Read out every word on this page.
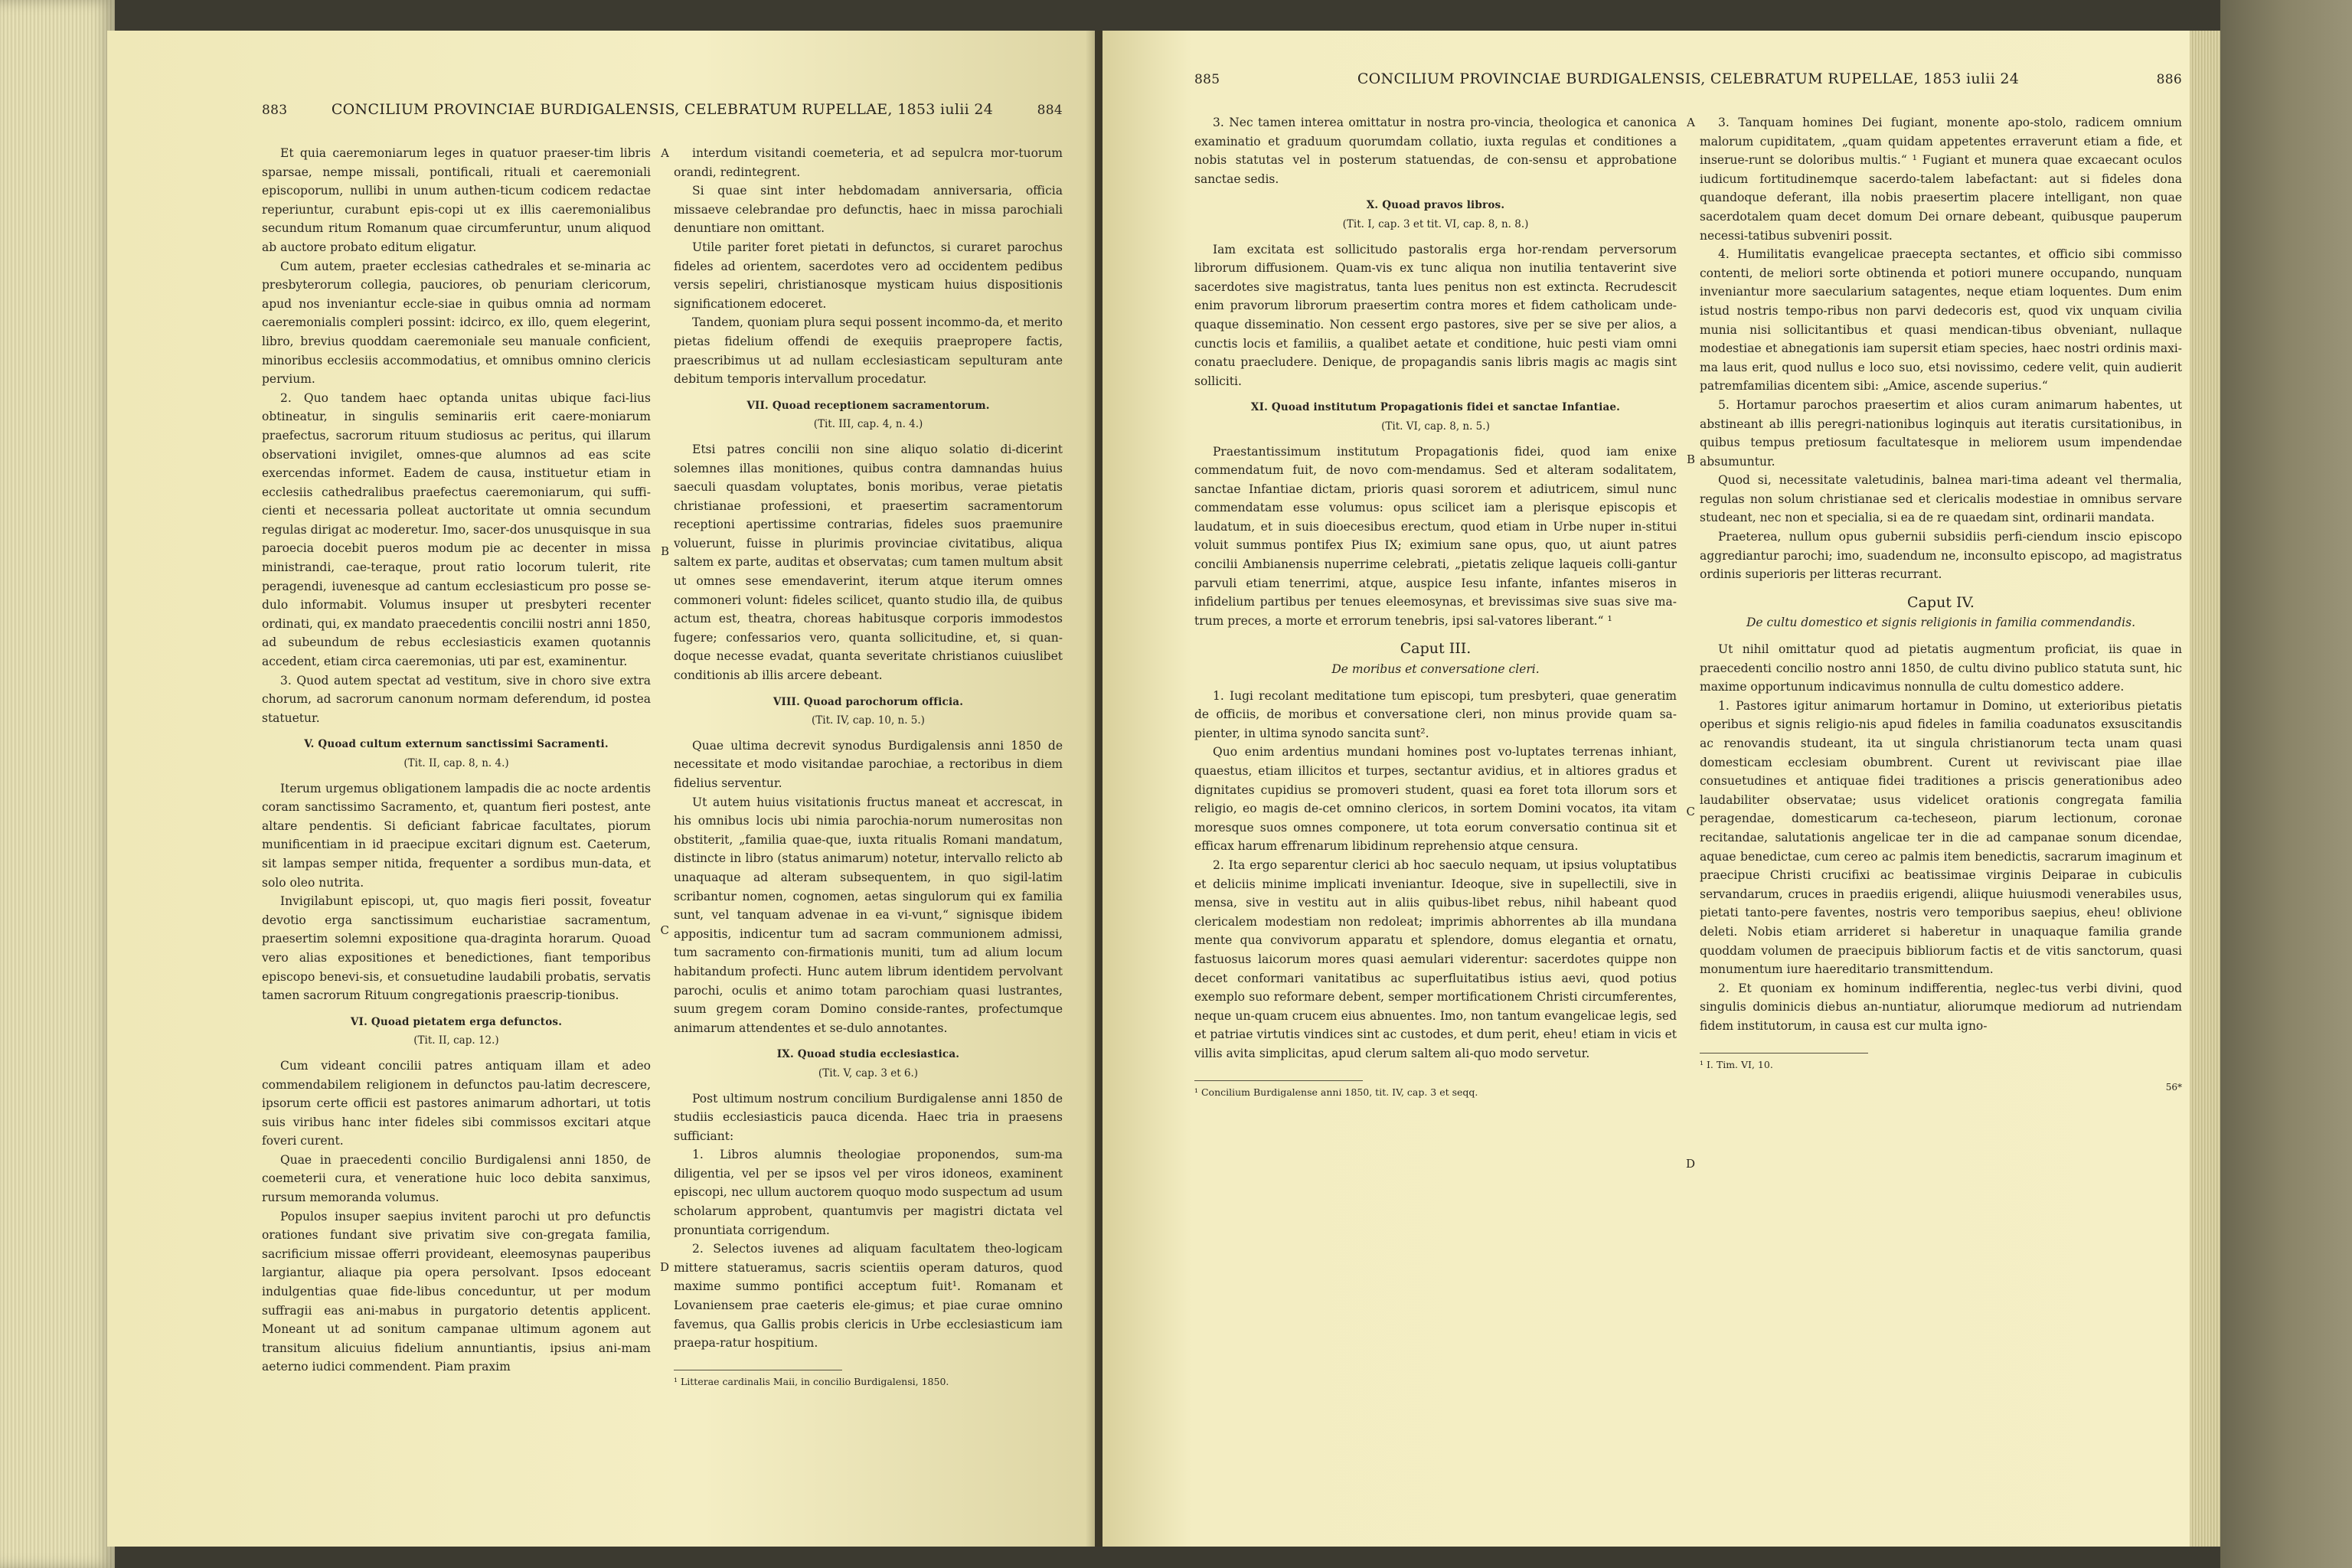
883	CONCILIUM PROVINCIAE BURDIGALENSIS, CELEBRATUM RUPELLAE, 1853 iulii 24	884

Et quia caeremoniarum leges in quatuor praeser-tim libris sparsae, nempe missali, pontificali, rituali et caeremoniali episcoporum, nullibi in unum authen-ticum codicem redactae reperiuntur, curabunt epis-copi ut ex illis caeremonialibus secundum ritum Romanum quae circumferuntur, unum aliquod ab auctore probato editum eligatur.

Cum autem, praeter ecclesias cathedrales et se-minaria ac presbyterorum collegia, pauciores, ob penuriam clericorum, apud nos inveniantur eccle-siae in quibus omnia ad normam caeremonialis compleri possint: idcirco, ex illo, quem elegerint, libro, brevius quoddam caeremoniale seu manuale conficient, minoribus ecclesiis accommodatius, et omnibus omnino clericis pervium.

2. Quo tandem haec optanda unitas ubique faci-lius obtineatur, in singulis seminariis erit caere-moniarum praefectus, sacrorum rituum studiosus ac peritus, qui illarum observationi invigilet, omnes-que alumnos ad eas scite exercendas informet. Eadem de causa, instituetur etiam in ecclesiis cathedralibus praefectus caeremoniarum, qui suffi-cienti et necessaria polleat auctoritate ut omnia secundum regulas dirigat ac moderetur. Imo, sacer-dos unusquisque in sua paroecia docebit pueros modum pie ac decenter in missa ministrandi, cae-teraque, prout ratio locorum tulerit, rite peragendi, iuvenesque ad cantum ecclesiasticum pro posse se-dulo informabit. Volumus insuper ut presbyteri recenter ordinati, qui, ex mandato praecedentis concilii nostri anni 1850, ad subeundum de rebus ecclesiasticis examen quotannis accedent, etiam circa caeremonias, uti par est, examinentur.

3. Quod autem spectat ad vestitum, sive in choro sive extra chorum, ad sacrorum canonum normam deferendum, id postea statuetur.

V. Quoad cultum externum sanctissimi Sacramenti.
(Tit. II, cap. 8, n. 4.)

Iterum urgemus obligationem lampadis die ac nocte ardentis coram sanctissimo Sacramento, et, quantum fieri postest, ante altare pendentis. Si deficiant fabricae facultates, piorum munificentiam in id praecipue excitari dignum est. Caeterum, sit lampas semper nitida, frequenter a sordibus mun-data, et solo oleo nutrita.

Invigilabunt episcopi, ut, quo magis fieri possit, foveatur devotio erga sanctissimum eucharistiae sacramentum, praesertim solemni expositione qua-draginta horarum. Quoad vero alias expositiones et benedictiones, fiant temporibus episcopo benevi-sis, et consuetudine laudabili probatis, servatis tamen sacrorum Rituum congregationis praescrip-tionibus.

VI. Quoad pietatem erga defunctos.
(Tit. II, cap. 12.)

Cum videant concilii patres antiquam illam et adeo commendabilem religionem in defunctos pau-latim decrescere, ipsorum certe officii est pastores animarum adhortari, ut totis suis viribus hanc inter fideles sibi commissos excitari atque foveri curent.

Quae in praecedenti concilio Burdigalensi anni 1850, de coemeterii cura, et veneratione huic loco debita sanximus, rursum memoranda volumus.

Populos insuper saepius invitent parochi ut pro defunctis orationes fundant sive privatim sive con-gregata familia, sacrificium missae offerri provideant, eleemosynas pauperibus largiantur, aliaque pia opera persolvant. Ipsos edoceant indulgentias quae fide-libus conceduntur, ut per modum suffragii eas ani-mabus in purgatorio detentis applicent. Moneant ut ad sonitum campanae ultimum agonem aut transitum alicuius fidelium annuntiantis, ipsius ani-mam aeterno iudici commendent. Piam praxim

A
B
C
D

interdum visitandi coemeteria, et ad sepulcra mor-tuorum orandi, redintegrent.

Si quae sint inter hebdomadam anniversaria, officia missaeve celebrandae pro defunctis, haec in missa parochiali denuntiare non omittant.

Utile pariter foret pietati in defunctos, si curaret parochus fideles ad orientem, sacerdotes vero ad occidentem pedibus versis sepeliri, christianosque mysticam huius dispositionis significationem edoceret.

Tandem, quoniam plura sequi possent incommo-da, et merito pietas fidelium offendi de exequiis praepropere factis, praescribimus ut ad nullam ecclesiasticam sepulturam ante debitum temporis intervallum procedatur.

VII. Quoad receptionem sacramentorum.
(Tit. III, cap. 4, n. 4.)

Etsi patres concilii non sine aliquo solatio di-dicerint solemnes illas monitiones, quibus contra damnandas huius saeculi quasdam voluptates, bonis moribus, verae pietatis christianae professioni, et praesertim sacramentorum receptioni apertissime contrarias, fideles suos praemunire voluerunt, fuisse in plurimis provinciae civitatibus, aliqua saltem ex parte, auditas et observatas; cum tamen multum absit ut omnes sese emendaverint, iterum atque iterum omnes commoneri volunt: fideles scilicet, quanto studio illa, de quibus actum est, theatra, choreas habitusque corporis immodestos fugere; confessarios vero, quanta sollicitudine, et, si quan-doque necesse evadat, quanta severitate christianos cuiuslibet conditionis ab illis arcere debeant.

VIII. Quoad parochorum officia.
(Tit. IV, cap. 10, n. 5.)

Quae ultima decrevit synodus Burdigalensis anni 1850 de necessitate et modo visitandae parochiae, a rectoribus in diem fidelius serventur.

Ut autem huius visitationis fructus maneat et accrescat, in his omnibus locis ubi nimia parochia-norum numerositas non obstiterit, „familia quae-que, iuxta ritualis Romani mandatum, distincte in libro (status animarum) notetur, intervallo relicto ab unaquaque ad alteram subsequentem, in quo sigil-latim scribantur nomen, cognomen, aetas singulorum qui ex familia sunt, vel tanquam advenae in ea vi-vunt,“ signisque ibidem appositis, indicentur tum ad sacram communionem admissi, tum sacramento con-firmationis muniti, tum ad alium locum habitandum profecti. Hunc autem librum identidem pervolvant parochi, oculis et animo totam parochiam quasi lustrantes, suum gregem coram Domino conside-rantes, profectumque animarum attendentes et se-dulo annotantes.

IX. Quoad studia ecclesiastica.
(Tit. V, cap. 3 et 6.)

Post ultimum nostrum concilium Burdigalense anni 1850 de studiis ecclesiasticis pauca dicenda. Haec tria in praesens sufficiant:

1. Libros alumnis theologiae proponendos, sum-ma diligentia, vel per se ipsos vel per viros idoneos, examinent episcopi, nec ullum auctorem quoquo modo suspectum ad usum scholarum approbent, quantumvis per magistri dictata vel pronuntiata corrigendum.

2. Selectos iuvenes ad aliquam facultatem theo-logicam mittere statueramus, sacris scientiis operam daturos, quod maxime summo pontifici acceptum fuit¹. Romanam et Lovaniensem prae caeteris ele-gimus; et piae curae omnino favemus, qua Gallis probis clericis in Urbe ecclesiasticum iam praepa-ratur hospitium.

¹ Litterae cardinalis Maii, in concilio Burdigalensi, 1850.
885	CONCILIUM PROVINCIAE BURDIGALENSIS, CELEBRATUM RUPELLAE, 1853 iulii 24	886

3. Nec tamen interea omittatur in nostra pro-vincia, theologica et canonica examinatio et graduum quorumdam collatio, iuxta regulas et conditiones a nobis statutas vel in posterum statuendas, de con-sensu et approbatione sanctae sedis.

X. Quoad pravos libros.
(Tit. I, cap. 3 et tit. VI, cap. 8, n. 8.)

Iam excitata est sollicitudo pastoralis erga hor-rendam perversorum librorum diffusionem. Quam-vis ex tunc aliqua non inutilia tentaverint sive sacerdotes sive magistratus, tanta lues penitus non est extincta. Recrudescit enim pravorum librorum praesertim contra mores et fidem catholicam unde-quaque disseminatio. Non cessent ergo pastores, sive per se sive per alios, a cunctis locis et familiis, a qualibet aetate et conditione, huic pesti viam omni conatu praecludere. Denique, de propagandis sanis libris magis ac magis sint solliciti.

XI. Quoad institutum Propagationis fidei et sanctae Infantiae.
(Tit. VI, cap. 8, n. 5.)

Praestantissimum institutum Propagationis fidei, quod iam enixe commendatum fuit, de novo com-mendamus. Sed et alteram sodalitatem, sanctae Infantiae dictam, prioris quasi sororem et adiutricem, simul nunc commendatam esse volumus: opus scilicet iam a plerisque episcopis et laudatum, et in suis dioecesibus erectum, quod etiam in Urbe nuper in-stitui voluit summus pontifex Pius IX; eximium sane opus, quo, ut aiunt patres concilii Ambianensis nuperrime celebrati, „pietatis zelique laqueis colli-gantur parvuli etiam tenerrimi, atque, auspice Iesu infante, infantes miseros in infidelium partibus per tenues eleemosynas, et brevissimas sive suas sive ma-trum preces, a morte et errorum tenebris, ipsi sal-vatores liberant.“ ¹

Caput III.
De moribus et conversatione cleri.

1. Iugi recolant meditatione tum episcopi, tum presbyteri, quae generatim de officiis, de moribus et conversatione cleri, non minus provide quam sa-pienter, in ultima synodo sancita sunt².

Quo enim ardentius mundani homines post vo-luptates terrenas inhiant, quaestus, etiam illicitos et turpes, sectantur avidius, et in altiores gradus et dignitates cupidius se promoveri student, quasi ea foret tota illorum sors et religio, eo magis de-cet omnino clericos, in sortem Domini vocatos, ita vitam moresque suos omnes componere, ut tota eorum conversatio continua sit et efficax harum effrenarum libidinum reprehensio atque censura.

2. Ita ergo separentur clerici ab hoc saeculo nequam, ut ipsius voluptatibus et deliciis minime implicati inveniantur. Ideoque, sive in supellectili, sive in mensa, sive in vestitu aut in aliis quibus-libet rebus, nihil habeant quod clericalem modestiam non redoleat; imprimis abhorrentes ab illa mundana mente qua convivorum apparatu et splendore, domus elegantia et ornatu, fastuosus laicorum mores quasi aemulari viderentur: sacerdotes quippe non decet conformari vanitatibus ac superfluitatibus istius aevi, quod potius exemplo suo reformare debent, semper mortificationem Christi circumferentes, neque un-quam crucem eius abnuentes. Imo, non tantum evangelicae legis, sed et patriae virtutis vindices sint ac custodes, et dum perit, eheu! etiam in vicis et villis avita simplicitas, apud clerum saltem ali-quo modo servetur.

¹ Concilium Burdigalense anni 1850, tit. IV, cap. 3 et seqq.
A
B
C
D

3. Tanquam homines Dei fugiant, monente apo-stolo, radicem omnium malorum cupiditatem, „quam quidam appetentes erraverunt etiam a fide, et inserue-runt se doloribus multis.“ ¹ Fugiant et munera quae excaecant oculos iudicum fortitudinemque sacerdo-talem labefactant: aut si fideles dona quandoque deferant, illa nobis praesertim placere intelligant, non quae sacerdotalem quam decet domum Dei ornare debeant, quibusque pauperum necessi-tatibus subveniri possit.

4. Humilitatis evangelicae praecepta sectantes, et officio sibi commisso contenti, de meliori sorte obtinenda et potiori munere occupando, nunquam inveniantur more saecularium satagentes, neque etiam loquentes. Dum enim istud nostris tempo-ribus non parvi dedecoris est, quod vix unquam civilia munia nisi sollicitantibus et quasi mendican-tibus obveniant, nullaque modestiae et abnegationis iam supersit etiam species, haec nostri ordinis maxi-ma laus erit, quod nullus e loco suo, etsi novissimo, cedere velit, quin audierit patremfamilias dicentem sibi: „Amice, ascende superius.“

5. Hortamur parochos praesertim et alios curam animarum habentes, ut abstineant ab illis peregri-nationibus loginquis aut iteratis cursitationibus, in quibus tempus pretiosum facultatesque in meliorem usum impendendae absumuntur.

Quod si, necessitate valetudinis, balnea mari-tima adeant vel thermalia, regulas non solum christianae sed et clericalis modestiae in omnibus servare studeant, nec non et specialia, si ea de re quaedam sint, ordinarii mandata.

Praeterea, nullum opus gubernii subsidiis perfi-ciendum inscio episcopo aggrediantur parochi; imo, suadendum ne, inconsulto episcopo, ad magistratus ordinis superioris per litteras recurrant.

Caput IV.
De cultu domestico et signis religionis in familia commendandis.

Ut nihil omittatur quod ad pietatis augmentum proficiat, iis quae in praecedenti concilio nostro anni 1850, de cultu divino publico statuta sunt, hic maxime opportunum indicavimus nonnulla de cultu domestico addere.

1. Pastores igitur animarum hortamur in Domino, ut exterioribus pietatis operibus et signis religio-nis apud fideles in familia coadunatos exsuscitandis ac renovandis studeant, ita ut singula christianorum tecta unam quasi domesticam ecclesiam obumbrent. Curent ut reviviscant piae illae consuetudines et antiquae fidei traditiones a priscis generationibus adeo laudabiliter observatae; usus videlicet orationis congregata familia peragendae, domesticarum ca-techeseon, piarum lectionum, coronae recitandae, salutationis angelicae ter in die ad campanae sonum dicendae, aquae benedictae, cum cereo ac palmis item benedictis, sacrarum imaginum et praecipue Christi crucifixi ac beatissimae virginis Deiparae in cubiculis servandarum, cruces in praediis erigendi, aliique huiusmodi venerabiles usus, pietati tanto-pere faventes, nostris vero temporibus saepius, eheu! oblivione deleti. Nobis etiam arrideret si haberetur in unaquaque familia grande quoddam volumen de praecipuis bibliorum factis et de vitis sanctorum, quasi monumentum iure haereditario transmittendum.

2. Et quoniam ex hominum indifferentia, neglec-tus verbi divini, quod singulis dominicis diebus an-nuntiatur, aliorumque mediorum ad nutriendam fidem institutorum, in causa est cur multa igno-

¹ I. Tim. VI, 10.
56*
